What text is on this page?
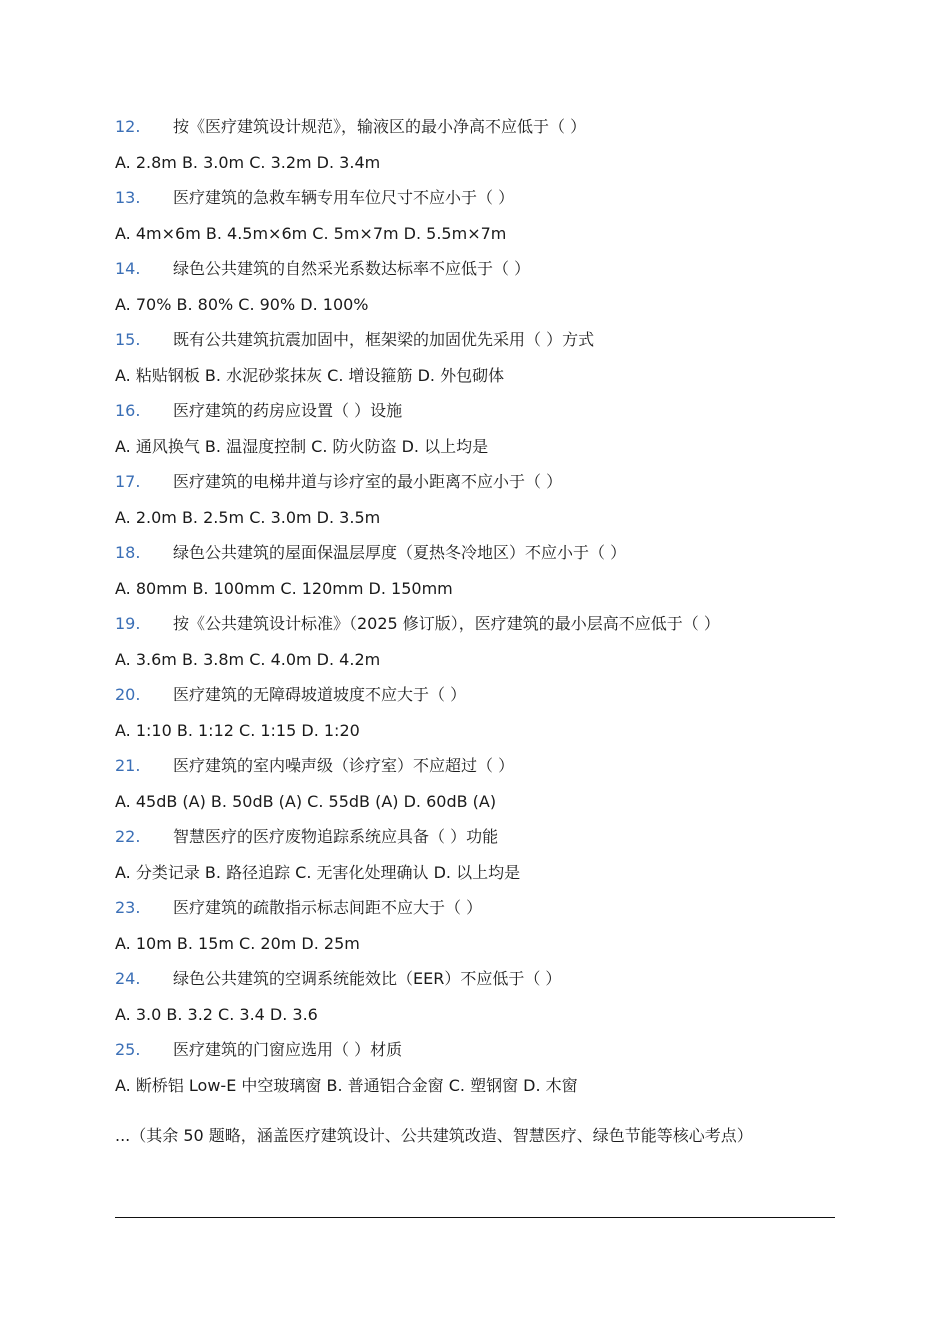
12. 按《医疗建筑设计规范》，输液区的最小净高不应低于（ ）
A. 2.8m B. 3.0m C. 3.2m D. 3.4m
13. 医疗建筑的急救车辆专用车位尺寸不应小于（ ）
A. 4m×6m B. 4.5m×6m C. 5m×7m D. 5.5m×7m
14. 绿色公共建筑的自然采光系数达标率不应低于（ ）
A. 70% B. 80% C. 90% D. 100%
15. 既有公共建筑抗震加固中，框架梁的加固优先采用（ ）方式
A. 粘贴钢板 B. 水泥砂浆抹灰 C. 增设箍筋 D. 外包砌体
16. 医疗建筑的药房应设置（ ）设施
A. 通风换气 B. 温湿度控制 C. 防火防盗 D. 以上均是
17. 医疗建筑的电梯井道与诊疗室的最小距离不应小于（ ）
A. 2.0m B. 2.5m C. 3.0m D. 3.5m
18. 绿色公共建筑的屋面保温层厚度（夏热冬冷地区）不应小于（ ）
A. 80mm B. 100mm C. 120mm D. 150mm
19. 按《公共建筑设计标准》（2025 修订版），医疗建筑的最小层高不应低于（ ）
A. 3.6m B. 3.8m C. 4.0m D. 4.2m
20. 医疗建筑的无障碍坡道坡度不应大于（ ）
A. 1:10 B. 1:12 C. 1:15 D. 1:20
21. 医疗建筑的室内噪声级（诊疗室）不应超过（ ）
A. 45dB (A) B. 50dB (A) C. 55dB (A) D. 60dB (A)
22. 智慧医疗的医疗废物追踪系统应具备（ ）功能
A. 分类记录 B. 路径追踪 C. 无害化处理确认 D. 以上均是
23. 医疗建筑的疏散指示标志间距不应大于（ ）
A. 10m B. 15m C. 20m D. 25m
24. 绿色公共建筑的空调系统能效比（EER）不应低于（ ）
A. 3.0 B. 3.2 C. 3.4 D. 3.6
25. 医疗建筑的门窗应选用（ ）材质
A. 断桥铝 Low-E 中空玻璃窗 B. 普通铝合金窗 C. 塑钢窗 D. 木窗
...（其余 50 题略，涵盖医疗建筑设计、公共建筑改造、智慧医疗、绿色节能等核心考点）
